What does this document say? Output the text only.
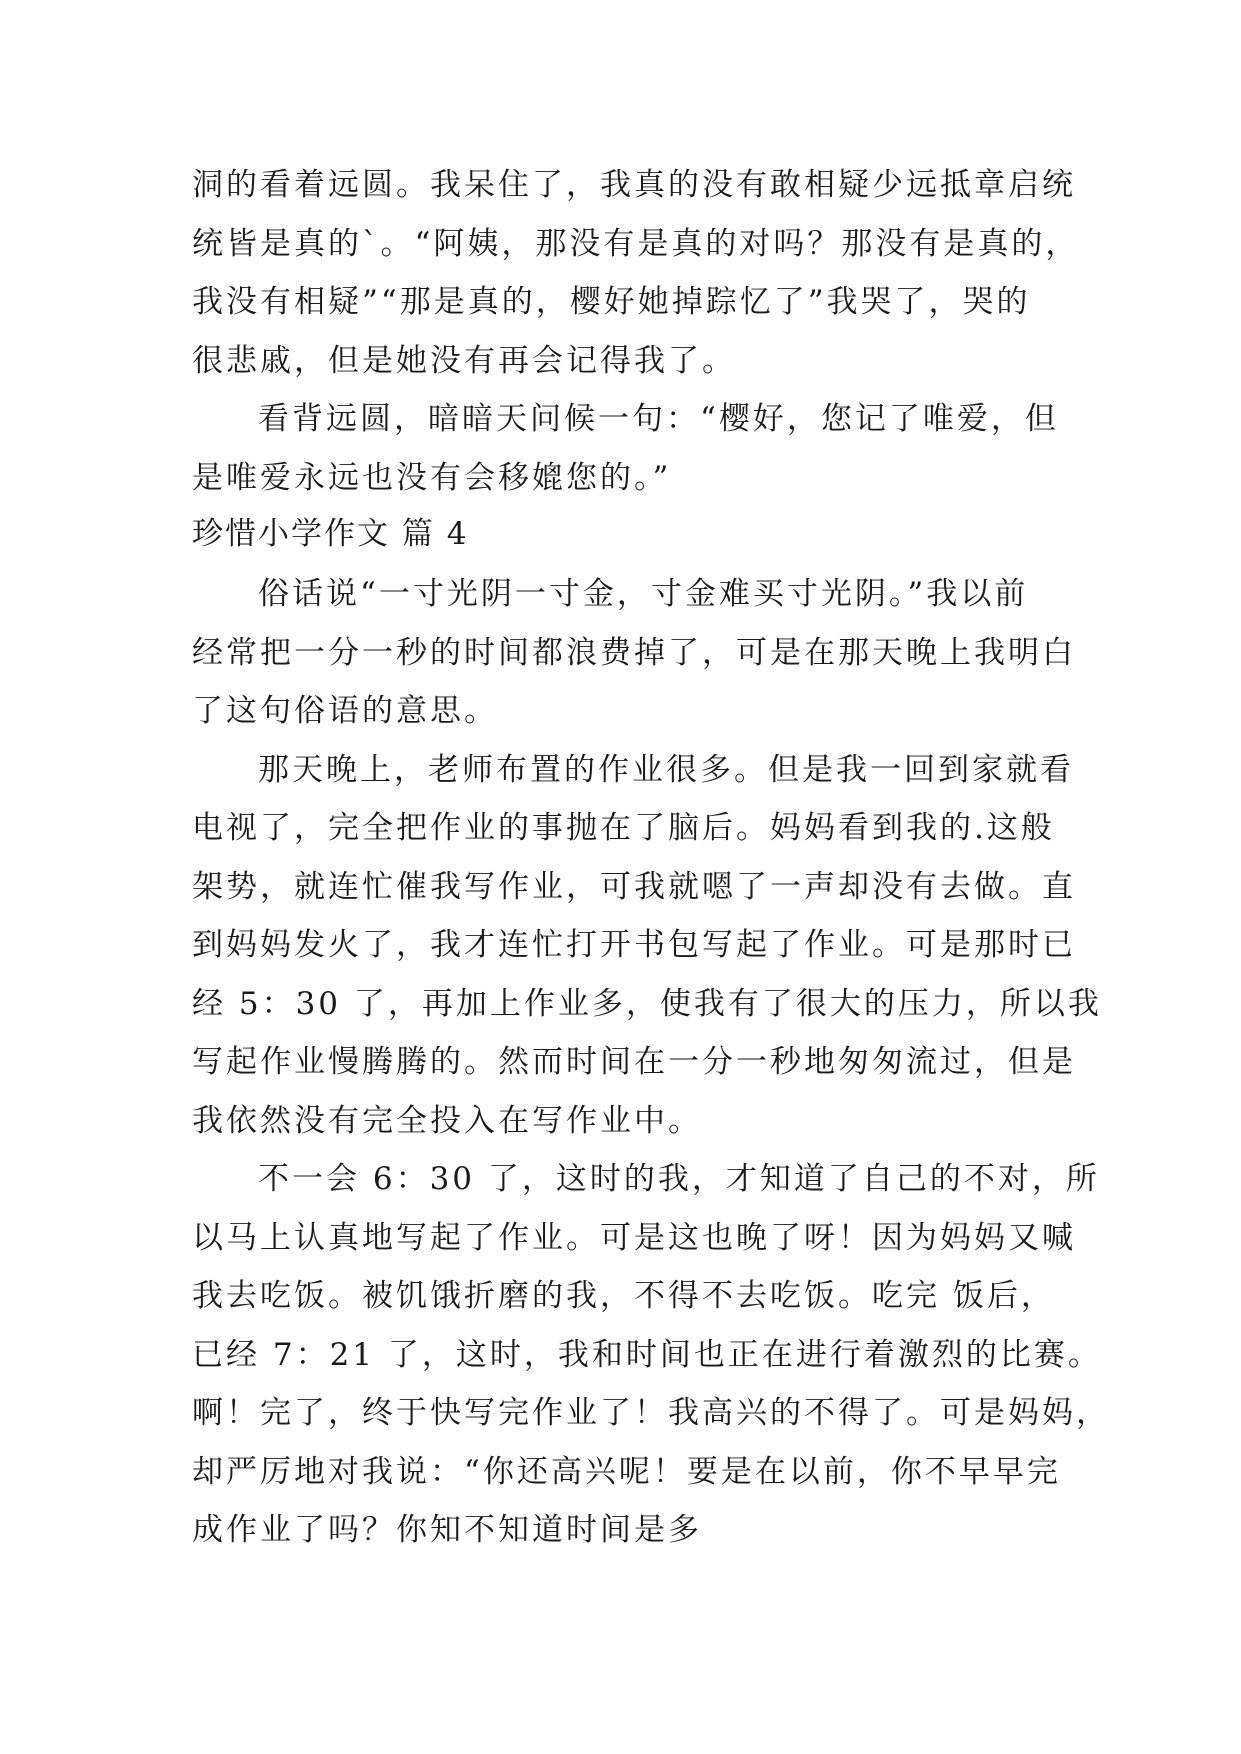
洞的看着远圆。我呆住了，我真的没有敢相疑少远抵章启统
统皆是真的`。“阿姨，那没有是真的对吗？那没有是真的，
我没有相疑”“那是真的，樱好她掉踪忆了”我哭了，哭的
很悲戚，但是她没有再会记得我了。
看背远圆，暗暗天问候一句：“樱好，您记了唯爱，但
是唯爱永远也没有会移媲您的。”
珍惜小学作文 篇 4
俗话说“一寸光阴一寸金，寸金难买寸光阴。”我以前
经常把一分一秒的时间都浪费掉了，可是在那天晚上我明白
了这句俗语的意思。
那天晚上，老师布置的作业很多。但是我一回到家就看
电视了，完全把作业的事抛在了脑后。妈妈看到我的.这般
架势，就连忙催我写作业，可我就嗯了一声却没有去做。直
到妈妈发火了，我才连忙打开书包写起了作业。可是那时已
经 5：30 了，再加上作业多，使我有了很大的压力，所以我
写起作业慢腾腾的。然而时间在一分一秒地匆匆流过，但是
我依然没有完全投入在写作业中。
不一会 6：30 了，这时的我，才知道了自己的不对，所
以马上认真地写起了作业。可是这也晚了呀！因为妈妈又喊
我去吃饭。被饥饿折磨的我，不得不去吃饭。吃完 饭后，
已经 7：21 了，这时，我和时间也正在进行着激烈的比赛。
啊！完了，终于快写完作业了！我高兴的不得了。可是妈妈，
却严厉地对我说：“你还高兴呢！要是在以前，你不早早完
成作业了吗？你知不知道时间是多
